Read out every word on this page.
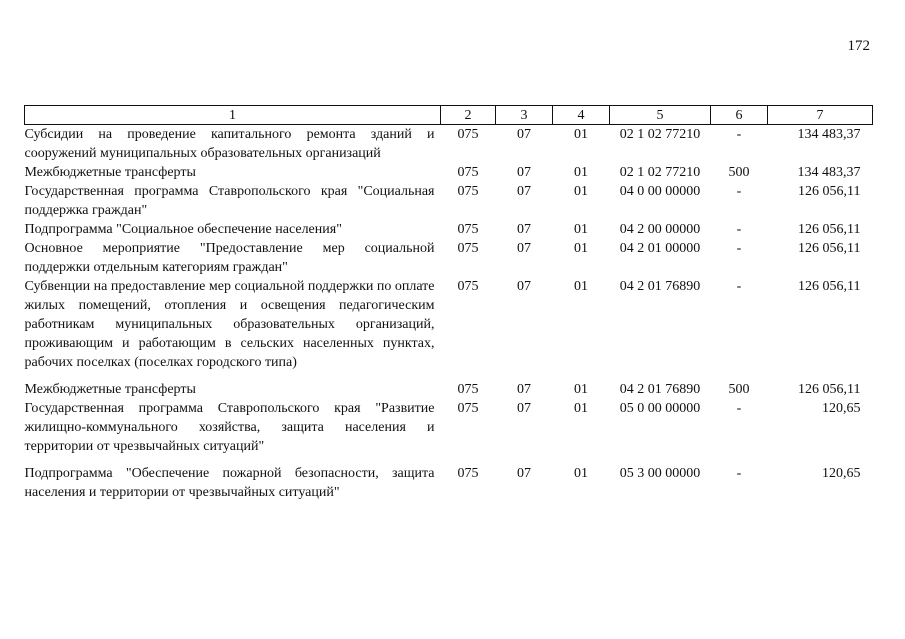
172
1	2	3	4	5	6	7
Субсидии на проведение капитального ремонта зданий и сооружений муниципальных образовательных организаций	075	07	01	02 1 02 77210	-	134 483,37
Межбюджетные трансферты	075	07	01	02 1 02 77210	500	134 483,37
Государственная программа Ставропольского края "Социальная поддержка граждан"	075	07	01	04 0 00 00000	-	126 056,11
Подпрограмма "Социальное обеспечение населения"	075	07	01	04 2 00 00000	-	126 056,11
Основное мероприятие "Предоставление мер социальной поддержки отдельным категориям граждан"	075	07	01	04 2 01 00000	-	126 056,11
Субвенции на предоставление мер социальной поддержки по оплате жилых помещений, отопления и освещения педагогическим работникам муниципальных образовательных организаций, проживающим и работающим в сельских населенных пунктах, рабочих поселках (поселках городского типа)	075	07	01	04 2 01 76890	-	126 056,11
Межбюджетные трансферты	075	07	01	04 2 01 76890	500	126 056,11
Государственная программа Ставропольского края "Развитие жилищно-коммунального хозяйства, защита населения и территории от чрезвычайных ситуаций"	075	07	01	05 0 00 00000	-	120,65
Подпрограмма "Обеспечение пожарной безопасности, защита населения и территории от чрезвычайных ситуаций"	075	07	01	05 3 00 00000	-	120,65
